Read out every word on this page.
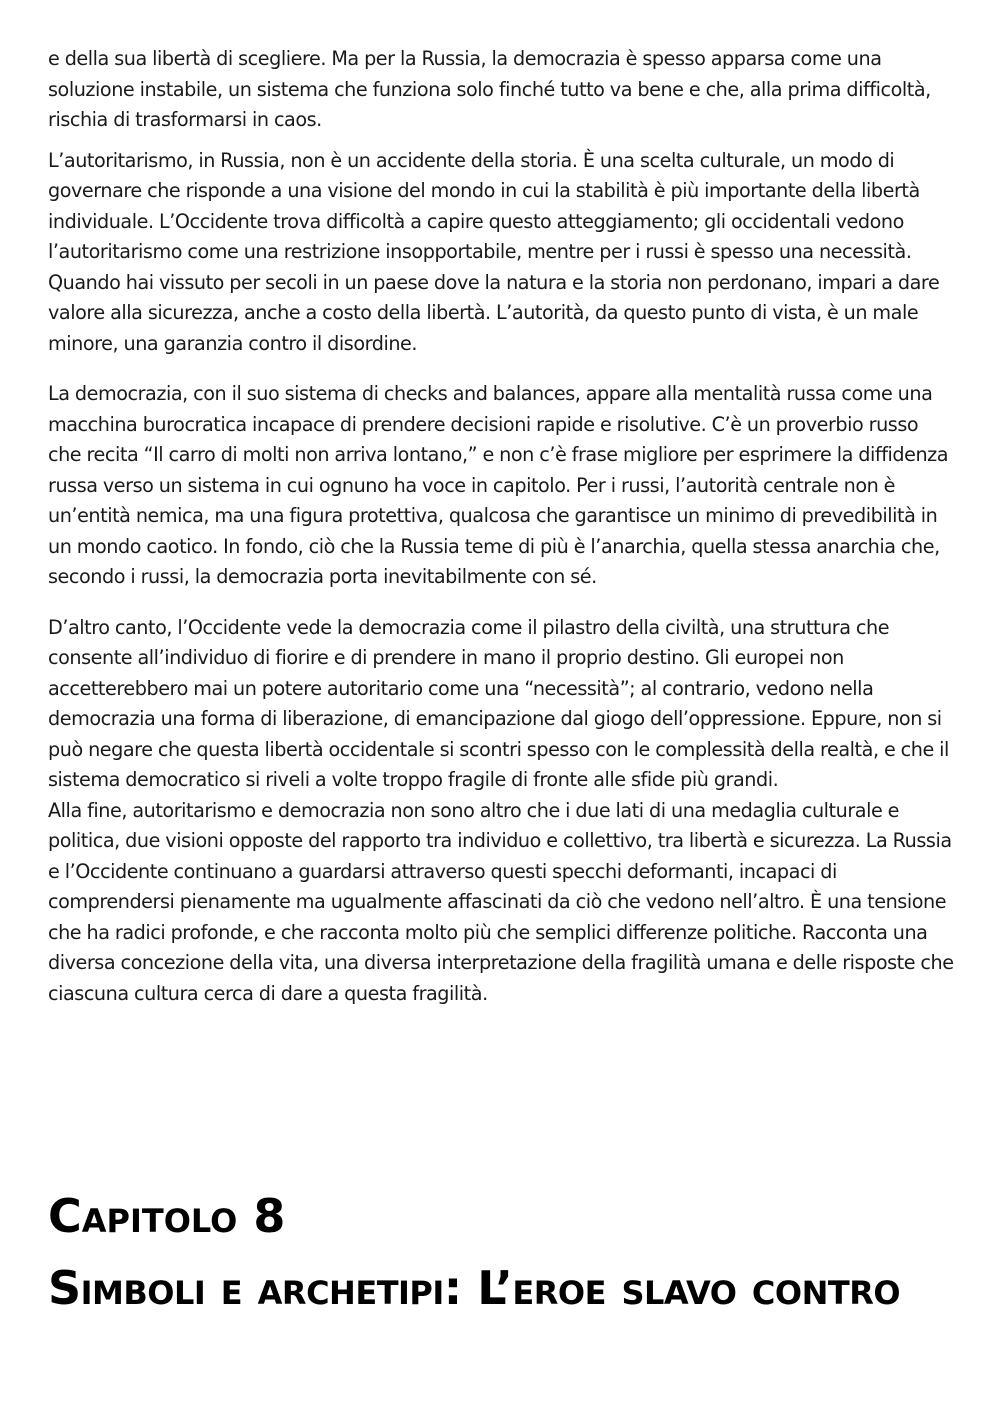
e della sua libertà di scegliere. Ma per la Russia, la democrazia è spesso apparsa come una soluzione instabile, un sistema che funziona solo finché tutto va bene e che, alla prima difficoltà, rischia di trasformarsi in caos.

L’autoritarismo, in Russia, non è un accidente della storia. È una scelta culturale, un modo di governare che risponde a una visione del mondo in cui la stabilità è più importante della libertà individuale. L’Occidente trova difficoltà a capire questo atteggiamento; gli occidentali vedono l’autoritarismo come una restrizione insopportabile, mentre per i russi è spesso una necessità. Quando hai vissuto per secoli in un paese dove la natura e la storia non perdonano, impari a dare valore alla sicurezza, anche a costo della libertà. L’autorità, da questo punto di vista, è un male minore, una garanzia contro il disordine.

La democrazia, con il suo sistema di checks and balances, appare alla mentalità russa come una macchina burocratica incapace di prendere decisioni rapide e risolutive. C’è un proverbio russo che recita “Il carro di molti non arriva lontano,” e non c’è frase migliore per esprimere la diffidenza russa verso un sistema in cui ognuno ha voce in capitolo. Per i russi, l’autorità centrale non è un’entità nemica, ma una figura protettiva, qualcosa che garantisce un minimo di prevedibilità in un mondo caotico. In fondo, ciò che la Russia teme di più è l’anarchia, quella stessa anarchia che, secondo i russi, la democrazia porta inevitabilmente con sé.

D’altro canto, l’Occidente vede la democrazia come il pilastro della civiltà, una struttura che consente all’individuo di fiorire e di prendere in mano il proprio destino. Gli europei non accetterebbero mai un potere autoritario come una “necessità”; al contrario, vedono nella democrazia una forma di liberazione, di emancipazione dal giogo dell’oppressione. Eppure, non si può negare che questa libertà occidentale si scontri spesso con le complessità della realtà, e che il sistema democratico si riveli a volte troppo fragile di fronte alle sfide più grandi.

Alla fine, autoritarismo e democrazia non sono altro che i due lati di una medaglia culturale e politica, due visioni opposte del rapporto tra individuo e collettivo, tra libertà e sicurezza. La Russia e l’Occidente continuano a guardarsi attraverso questi specchi deformanti, incapaci di comprendersi pienamente ma ugualmente affascinati da ciò che vedono nell’altro. È una tensione che ha radici profonde, e che racconta molto più che semplici differenze politiche. Racconta una diversa concezione della vita, una diversa interpretazione della fragilità umana e delle risposte che ciascuna cultura cerca di dare a questa fragilità.

Capitolo 8
Simboli e archetipi: L’eroe slavo contro
